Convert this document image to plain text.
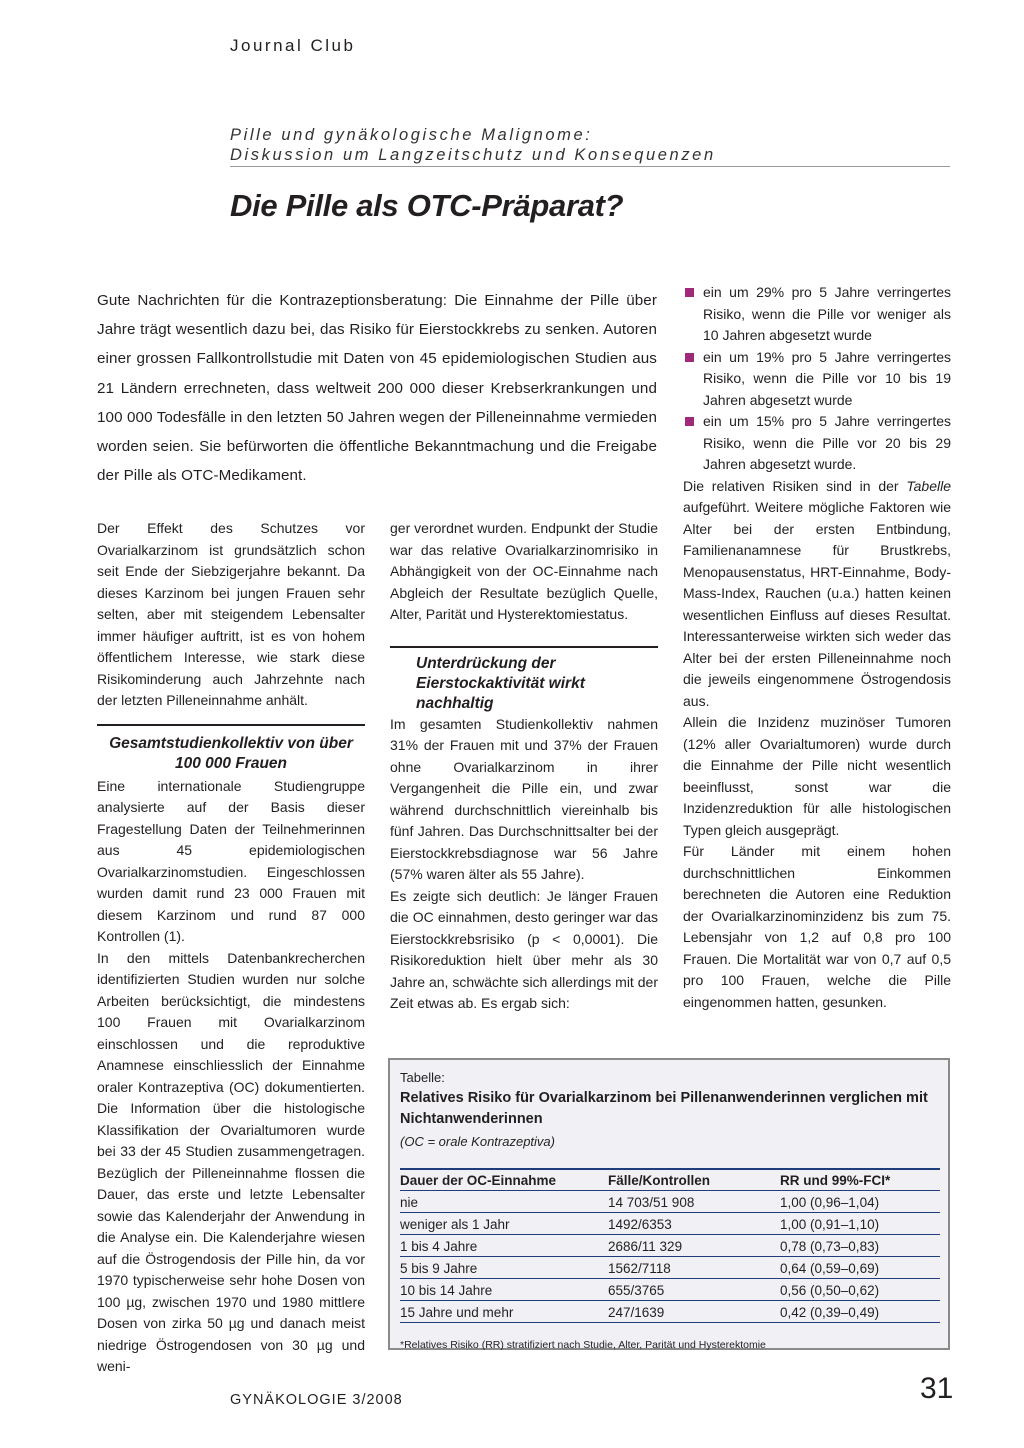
Journal Club
Pille und gynäkologische Malignome:
Diskussion um Langzeitschutz und Konsequenzen
Die Pille als OTC-Präparat?
Gute Nachrichten für die Kontrazeptionsberatung: Die Einnahme der Pille über Jahre trägt wesentlich dazu bei, das Risiko für Eierstockkrebs zu senken. Autoren einer grossen Fallkontrollstudie mit Daten von 45 epidemiologischen Studien aus 21 Ländern errechneten, dass weltweit 200 000 dieser Krebserkrankungen und 100 000 Todesfälle in den letzten 50 Jahren wegen der Pilleneinnahme vermieden worden seien. Sie befürworten die öffentliche Bekanntmachung und die Freigabe der Pille als OTC-Medikament.

Der Effekt des Schutzes vor Ovarialkarzinom ist grundsätzlich schon seit Ende der Siebzigerjahre bekannt. Da dieses Karzinom bei jungen Frauen sehr selten, aber mit steigendem Lebensalter immer häufiger auftritt, ist es von hohem öffentlichem Interesse, wie stark diese Risikominderung auch Jahrzehnte nach der letzten Pilleneinnahme anhält.

Gesamtstudienkollektiv von über 100 000 Frauen

Eine internationale Studiengruppe analysierte auf der Basis dieser Fragestellung Daten der Teilnehmerinnen aus 45 epidemiologischen Ovarialkarzinomstudien. Eingeschlossen wurden damit rund 23 000 Frauen mit diesem Karzinom und rund 87 000 Kontrollen (1).

In den mittels Datenbankrecherchen identifizierten Studien wurden nur solche Arbeiten berücksichtigt, die mindestens 100 Frauen mit Ovarialkarzinom einschlossen und die reproduktive Anamnese einschliesslich der Einnahme oraler Kontrazeptiva (OC) dokumentierten. Die Information über die histologische Klassifikation der Ovarialtumoren wurde bei 33 der 45 Studien zusammengetragen. Bezüglich der Pilleneinnahme flossen die Dauer, das erste und letzte Lebensalter sowie das Kalenderjahr der Anwendung in die Analyse ein. Die Kalenderjahre wiesen auf die Östrogendosis der Pille hin, da vor 1970 typischerweise sehr hohe Dosen von 100 µg, zwischen 1970 und 1980 mittlere Dosen von zirka 50 µg und danach meist niedrige Östrogendosen von 30 µg und weni-

ger verordnet wurden. Endpunkt der Studie war das relative Ovarialkarzinomrisiko in Abhängigkeit von der OC-Einnahme nach Abgleich der Resultate bezüglich Quelle, Alter, Parität und Hysterektomiestatus.

Unterdrückung der Eierstockaktivität wirkt nachhaltig

Im gesamten Studienkollektiv nahmen 31% der Frauen mit und 37% der Frauen ohne Ovarialkarzinom in ihrer Vergangenheit die Pille ein, und zwar während durchschnittlich viereinhalb bis fünf Jahren. Das Durchschnittsalter bei der Eierstockkrebsdiagnose war 56 Jahre (57% waren älter als 55 Jahre).

Es zeigte sich deutlich: Je länger Frauen die OC einnahmen, desto geringer war das Eierstockkrebsrisiko (p < 0,0001). Die Risikoreduktion hielt über mehr als 30 Jahre an, schwächte sich allerdings mit der Zeit etwas ab. Es ergab sich:

ein um 29% pro 5 Jahre verringertes Risiko, wenn die Pille vor weniger als 10 Jahren abgesetzt wurde
ein um 19% pro 5 Jahre verringertes Risiko, wenn die Pille vor 10 bis 19 Jahren abgesetzt wurde
ein um 15% pro 5 Jahre verringertes Risiko, wenn die Pille vor 20 bis 29 Jahren abgesetzt wurde.

Die relativen Risiken sind in der Tabelle aufgeführt. Weitere mögliche Faktoren wie Alter bei der ersten Entbindung, Familienanamnese für Brustkrebs, Menopausenstatus, HRT-Einnahme, Body-Mass-Index, Rauchen (u.a.) hatten keinen wesentlichen Einfluss auf dieses Resultat. Interessanterweise wirkten sich weder das Alter bei der ersten Pilleneinnahme noch die jeweils eingenommene Östrogendosis aus.

Allein die Inzidenz muzinöser Tumoren (12% aller Ovarialtumoren) wurde durch die Einnahme der Pille nicht wesentlich beeinflusst, sonst war die Inzidenzreduktion für alle histologischen Typen gleich ausgeprägt.

Für Länder mit einem hohen durchschnittlichen Einkommen berechneten die Autoren eine Reduktion der Ovarialkarzinominzidenz bis zum 75. Lebensjahr von 1,2 auf 0,8 pro 100 Frauen. Die Mortalität war von 0,7 auf 0,5 pro 100 Frauen, welche die Pille eingenommen hatten, gesunken.

Tabelle:
Relatives Risiko für Ovarialkarzinom bei Pillenanwenderinnen verglichen mit Nichtanwenderinnen
(OC = orale Kontrazeptiva)
Dauer der OC-Einnahme	Fälle/Kontrollen	RR und 99%-FCI*
nie	14 703/51 908	1,00 (0,96–1,04)
weniger als 1 Jahr	1492/6353	1,00 (0,91–1,10)
1 bis 4 Jahre	2686/11 329	0,78 (0,73–0,83)
5 bis 9 Jahre	1562/7118	0,64 (0,59–0,69)
10 bis 14 Jahre	655/3765	0,56 (0,50–0,62)
15 Jahre und mehr	247/1639	0,42 (0,39–0,49)
*Relatives Risiko (RR) stratifiziert nach Studie, Alter, Parität und Hysterektomie
GYNÄKOLOGIE 3/2008	31
